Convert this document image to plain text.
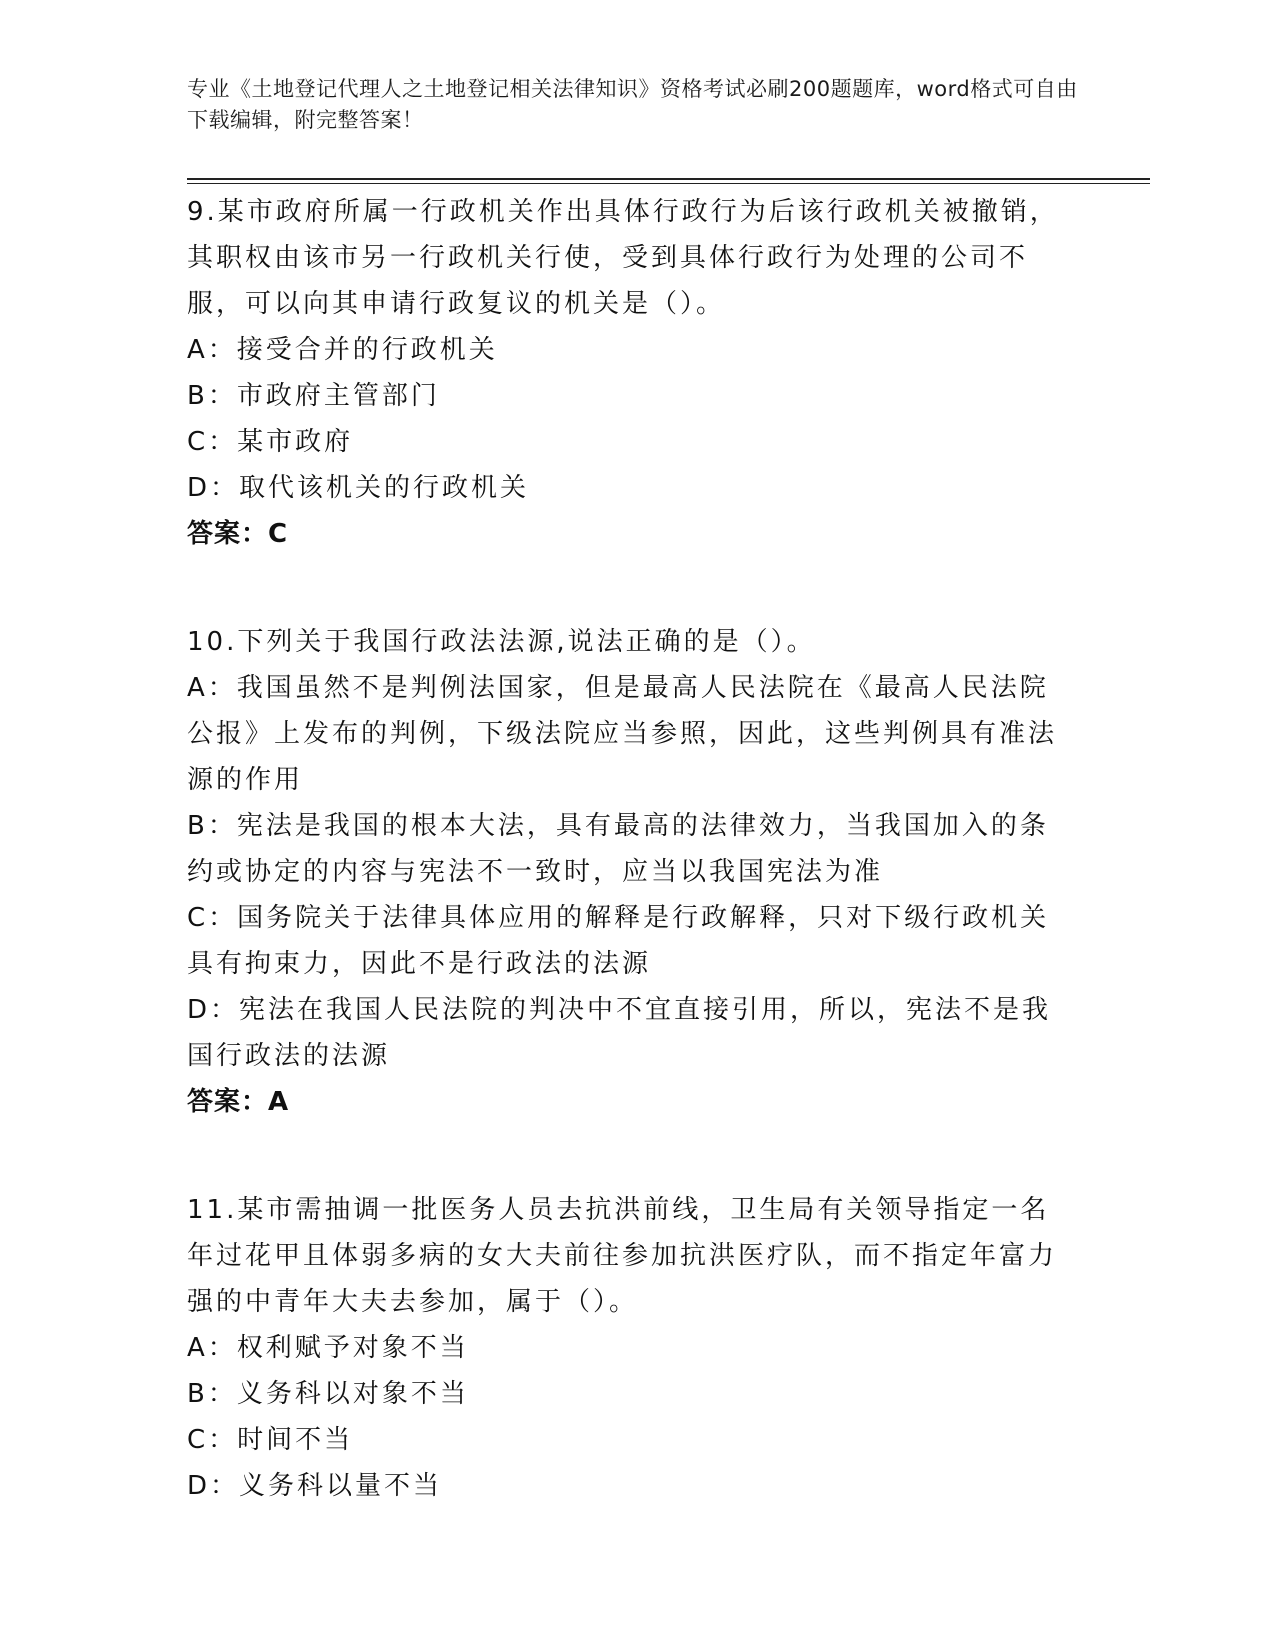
专业《土地登记代理人之土地登记相关法律知识》资格考试必刷200题题库，word格式可自由下载编辑，附完整答案！
9.某市政府所属一行政机关作出具体行政行为后该行政机关被撤销，其职权由该市另一行政机关行使，受到具体行政行为处理的公司不服，可以向其申请行政复议的机关是（）。
A：接受合并的行政机关
B：市政府主管部门
C：某市政府
D：取代该机关的行政机关
答案：C
10.下列关于我国行政法法源,说法正确的是（）。
A：我国虽然不是判例法国家，但是最高人民法院在《最高人民法院公报》上发布的判例，下级法院应当参照，因此，这些判例具有准法源的作用
B：宪法是我国的根本大法，具有最高的法律效力，当我国加入的条约或协定的内容与宪法不一致时，应当以我国宪法为准
C：国务院关于法律具体应用的解释是行政解释，只对下级行政机关具有拘束力，因此不是行政法的法源
D：宪法在我国人民法院的判决中不宜直接引用，所以，宪法不是我国行政法的法源
答案：A
11.某市需抽调一批医务人员去抗洪前线，卫生局有关领导指定一名年过花甲且体弱多病的女大夫前往参加抗洪医疗队，而不指定年富力强的中青年大夫去参加，属于（）。
A：权利赋予对象不当
B：义务科以对象不当
C：时间不当
D：义务科以量不当
